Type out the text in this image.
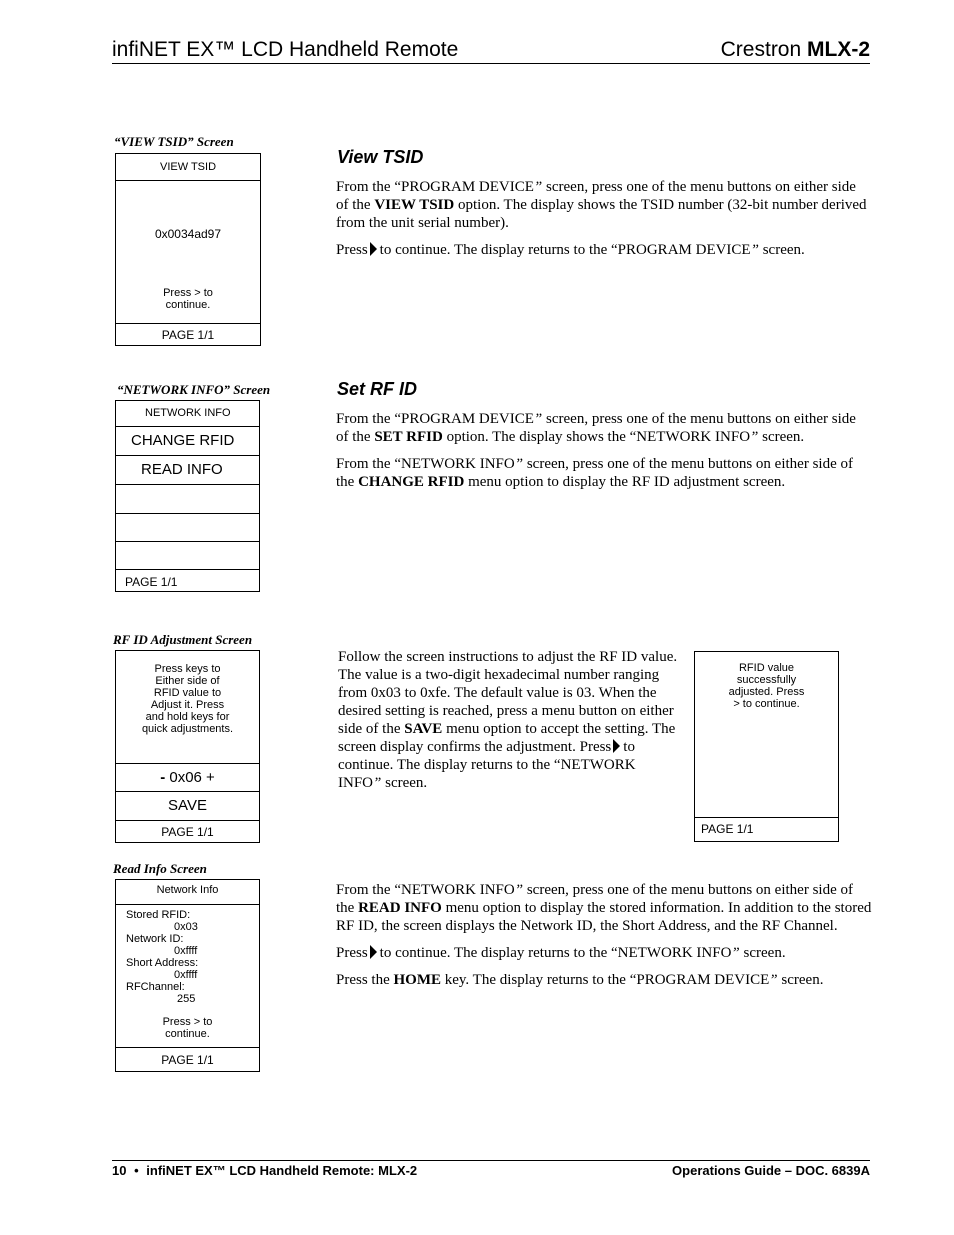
infiNET EX™ LCD Handheld Remote	Crestron MLX-2
“VIEW TSID” Screen
VIEW TSID
0x0034ad97
Press > to
continue.
PAGE 1/1
View TSID

From the “PROGRAM DEVICE” screen, press one of the menu buttons on either side of the VIEW TSID option. The display shows the TSID number (32-bit number derived from the unit serial number).

Press to continue. The display returns to the “PROGRAM DEVICE” screen.

“NETWORK INFO” Screen
NETWORK INFO
CHANGE RFID
READ INFO
PAGE 1/1
Set RF ID

From the “PROGRAM DEVICE” screen, press one of the menu buttons on either side of the SET RFID option. The display shows the “NETWORK INFO” screen.

From the “NETWORK INFO” screen, press one of the menu buttons on either side of the CHANGE RFID menu option to display the RF ID adjustment screen.

RF ID Adjustment Screen
Press keys to
Either side of
RFID value to
Adjust it. Press
and hold keys for
quick adjustments.
- 0x06 +
SAVE
PAGE 1/1

Follow the screen instructions to adjust the RF ID value. The value is a two-digit hexadecimal number ranging from 0x03 to 0xfe. The default value is 03. When the desired setting is reached, press a menu button on either side of the SAVE menu option to accept the setting. The screen display confirms the adjustment. Press to continue. The display returns to the “NETWORK INFO” screen.

RFID value
successfully
adjusted. Press
> to continue.
PAGE 1/1
Read Info Screen
Network Info
Stored RFID:
0x03
Network ID:
0xffff
Short Address:
0xffff
RFChannel:
255
Press > to
continue.
PAGE 1/1

From the “NETWORK INFO” screen, press one of the menu buttons on either side of the READ INFO menu option to display the stored information. In addition to the stored RF ID, the screen displays the Network ID, the Short Address, and the RF Channel.

Press to continue. The display returns to the “NETWORK INFO” screen.

Press the HOME key. The display returns to the “PROGRAM DEVICE” screen.

10 • infiNET EX™ LCD Handheld Remote: MLX-2	Operations Guide – DOC. 6839A
